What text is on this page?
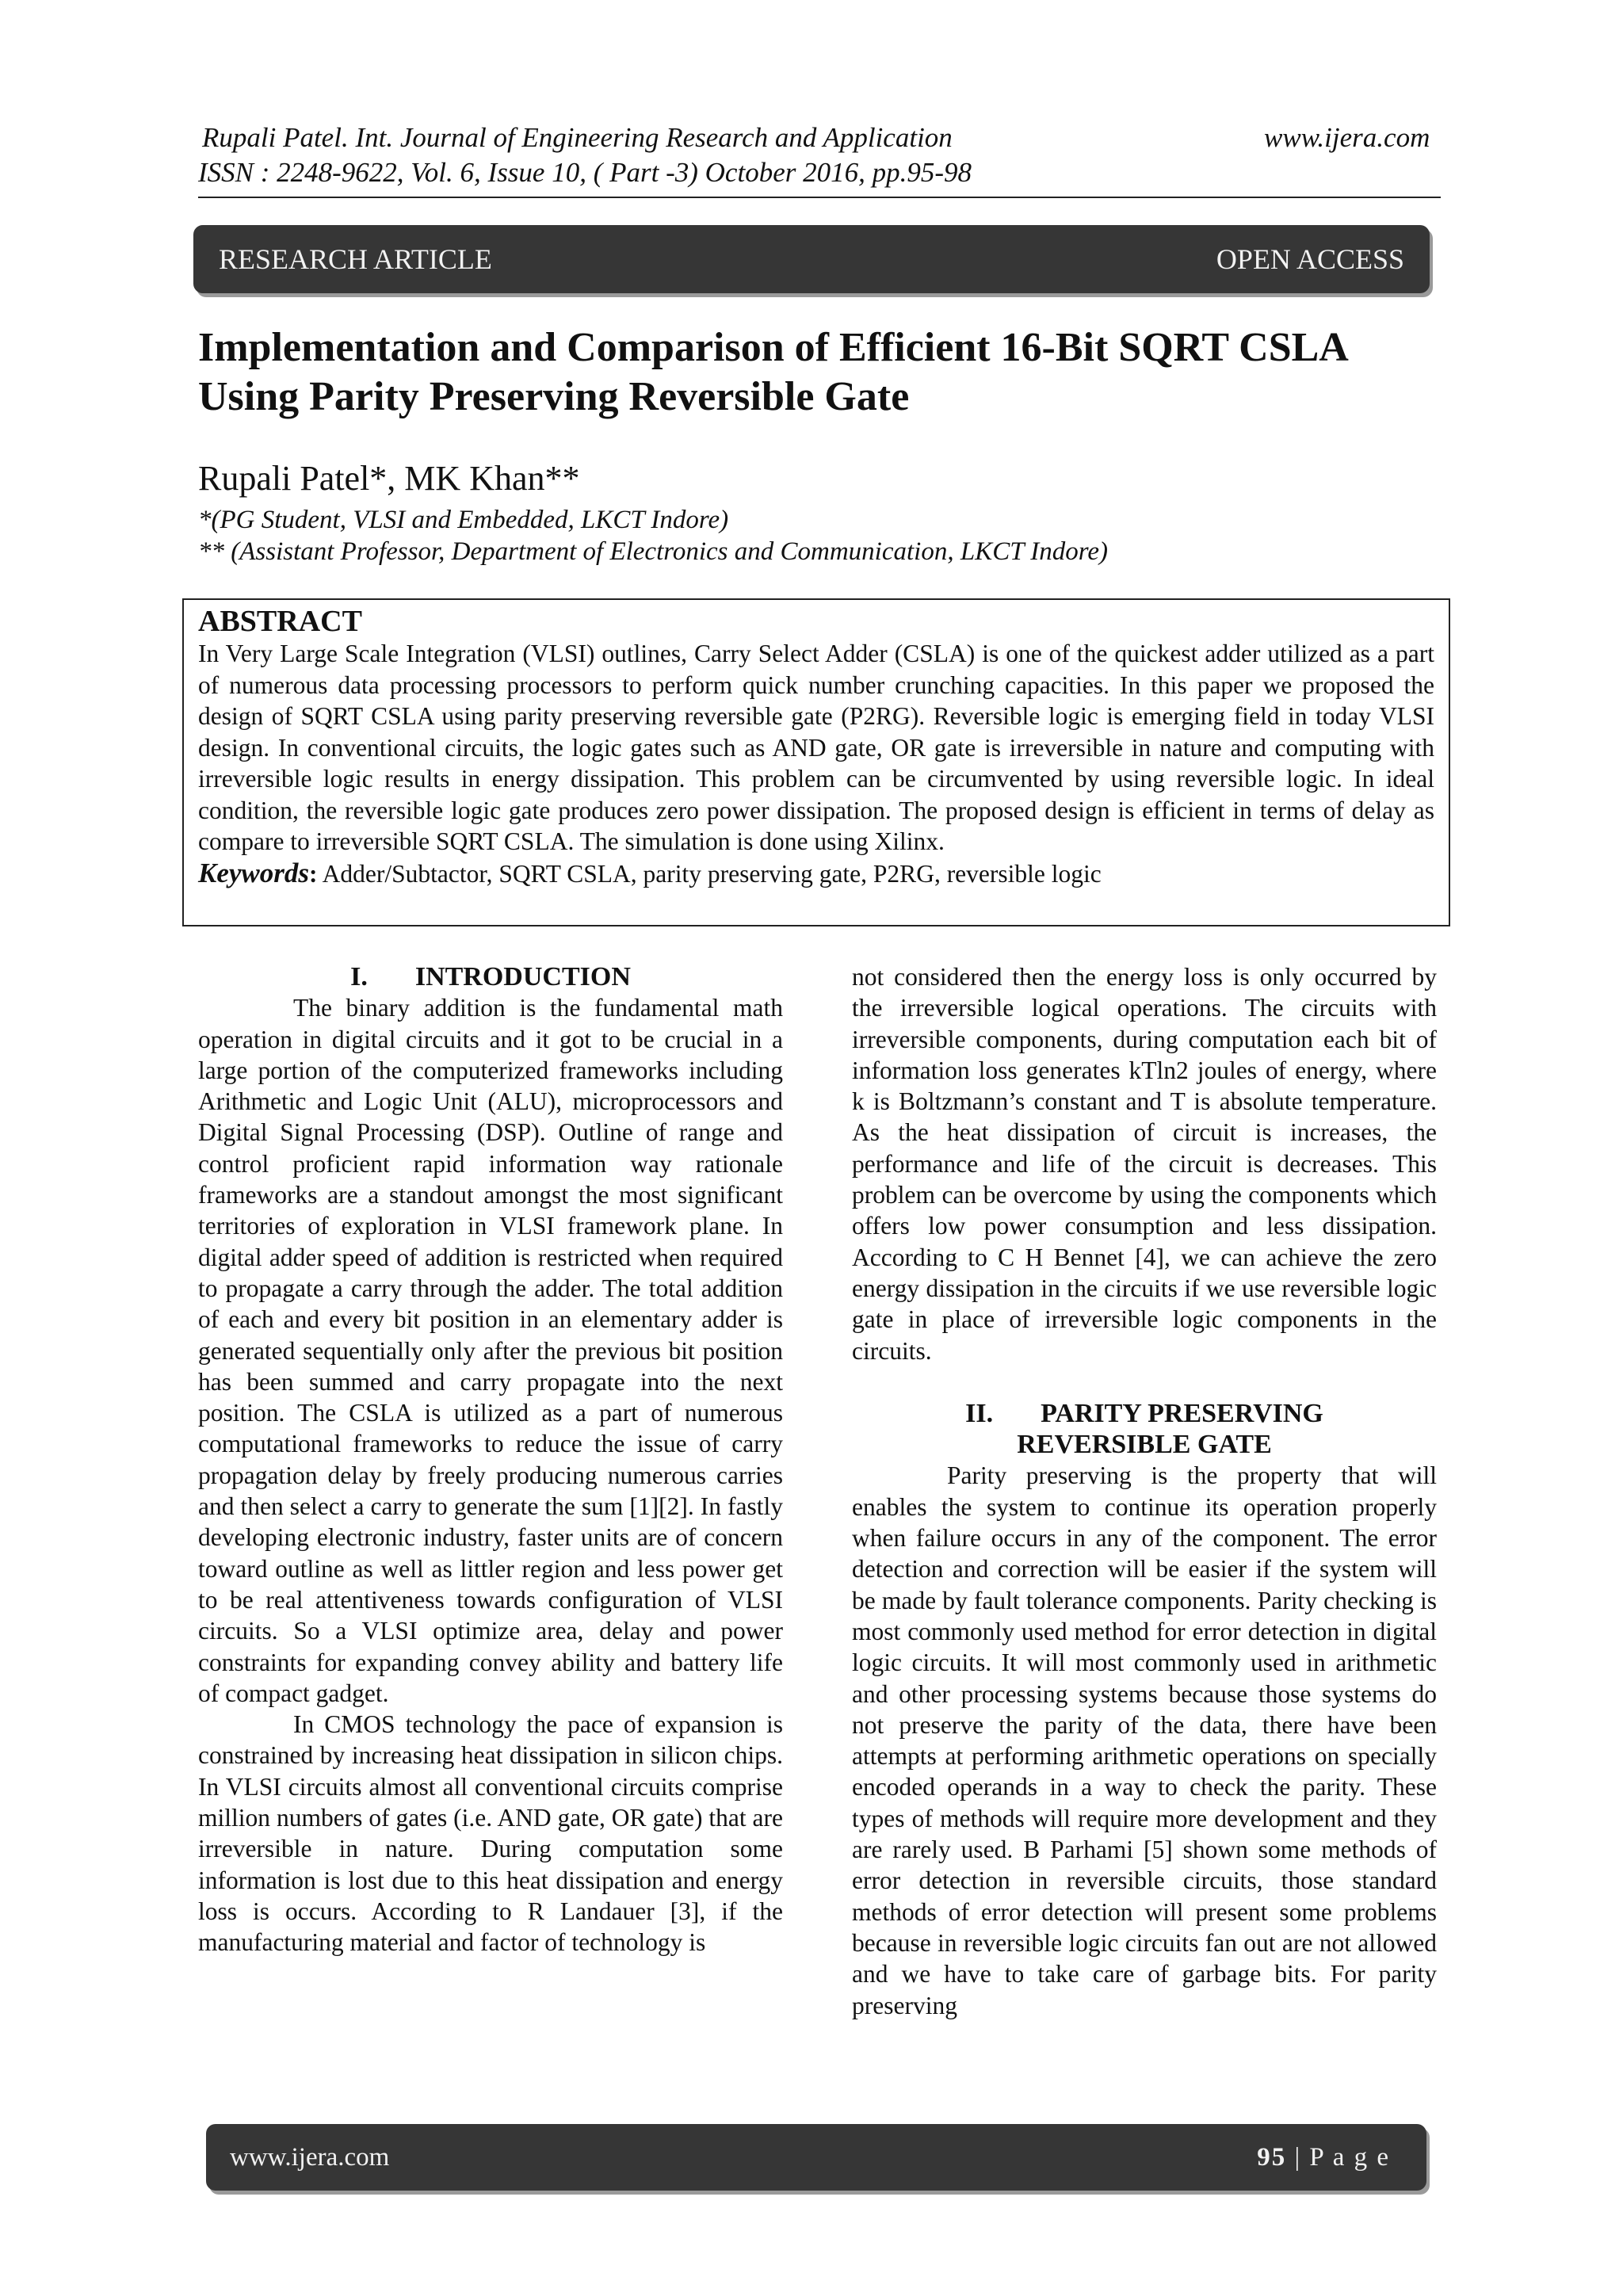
Rupali Patel. Int. Journal of Engineering Research and Application	www.ijera.com
ISSN : 2248-9622, Vol. 6, Issue 10, ( Part -3) October 2016, pp.95-98
RESEARCH ARTICLE	OPEN ACCESS
Implementation and Comparison of Efficient 16-Bit SQRT CSLA Using Parity Preserving Reversible Gate
Rupali Patel*, MK Khan**
*(PG Student, VLSI and Embedded, LKCT Indore)
** (Assistant Professor, Department of Electronics and Communication, LKCT Indore)
ABSTRACT
In Very Large Scale Integration (VLSI) outlines, Carry Select Adder (CSLA) is one of the quickest adder utilized as a part of numerous data processing processors to perform quick number crunching capacities. In this paper we proposed the design of SQRT CSLA using parity preserving reversible gate (P2RG). Reversible logic is emerging field in today VLSI design. In conventional circuits, the logic gates such as AND gate, OR gate is irreversible in nature and computing with irreversible logic results in energy dissipation. This problem can be circumvented by using reversible logic. In ideal condition, the reversible logic gate produces zero power dissipation. The proposed design is efficient in terms of delay as compare to irreversible SQRT CSLA. The simulation is done using Xilinx.
Keywords: Adder/Subtactor, SQRT CSLA, parity preserving gate, P2RG, reversible logic
I. INTRODUCTION

The binary addition is the fundamental math operation in digital circuits and it got to be crucial in a large portion of the computerized frameworks including Arithmetic and Logic Unit (ALU), microprocessors and Digital Signal Processing (DSP). Outline of range and control proficient rapid information way rationale frameworks are a standout amongst the most significant territories of exploration in VLSI framework plane. In digital adder speed of addition is restricted when required to propagate a carry through the adder. The total addition of each and every bit position in an elementary adder is generated sequentially only after the previous bit position has been summed and carry propagate into the next position. The CSLA is utilized as a part of numerous computational frameworks to reduce the issue of carry propagation delay by freely producing numerous carries and then select a carry to generate the sum [1][2]. In fastly developing electronic industry, faster units are of concern toward outline as well as littler region and less power get to be real attentiveness towards configuration of VLSI circuits. So a VLSI optimize area, delay and power constraints for expanding convey ability and battery life of compact gadget.

In CMOS technology the pace of expansion is constrained by increasing heat dissipation in silicon chips. In VLSI circuits almost all conventional circuits comprise million numbers of gates (i.e. AND gate, OR gate) that are irreversible in nature. During computation some information is lost due to this heat dissipation and energy loss is occurs. According to R Landauer [3], if the manufacturing material and factor of technology is

not considered then the energy loss is only occurred by the irreversible logical operations. The circuits with irreversible components, during computation each bit of information loss generates kTln2 joules of energy, where k is Boltzmann’s constant and T is absolute temperature. As the heat dissipation of circuit is increases, the performance and life of the circuit is decreases. This problem can be overcome by using the components which offers low power consumption and less dissipation. According to C H Bennet [4], we can achieve the zero energy dissipation in the circuits if we use reversible logic gate in place of irreversible logic components in the circuits.

II. PARITY PRESERVING
REVERSIBLE GATE

Parity preserving is the property that will enables the system to continue its operation properly when failure occurs in any of the component. The error detection and correction will be easier if the system will be made by fault tolerance components. Parity checking is most commonly used method for error detection in digital logic circuits. It will most commonly used in arithmetic and other processing systems because those systems do not preserve the parity of the data, there have been attempts at performing arithmetic operations on specially encoded operands in a way to check the parity. These types of methods will require more development and they are rarely used. B Parhami [5] shown some methods of error detection in reversible circuits, those standard methods of error detection will present some problems because in reversible logic circuits fan out are not allowed and we have to take care of garbage bits. For parity preserving

www.ijera.com	95 | P a g e
